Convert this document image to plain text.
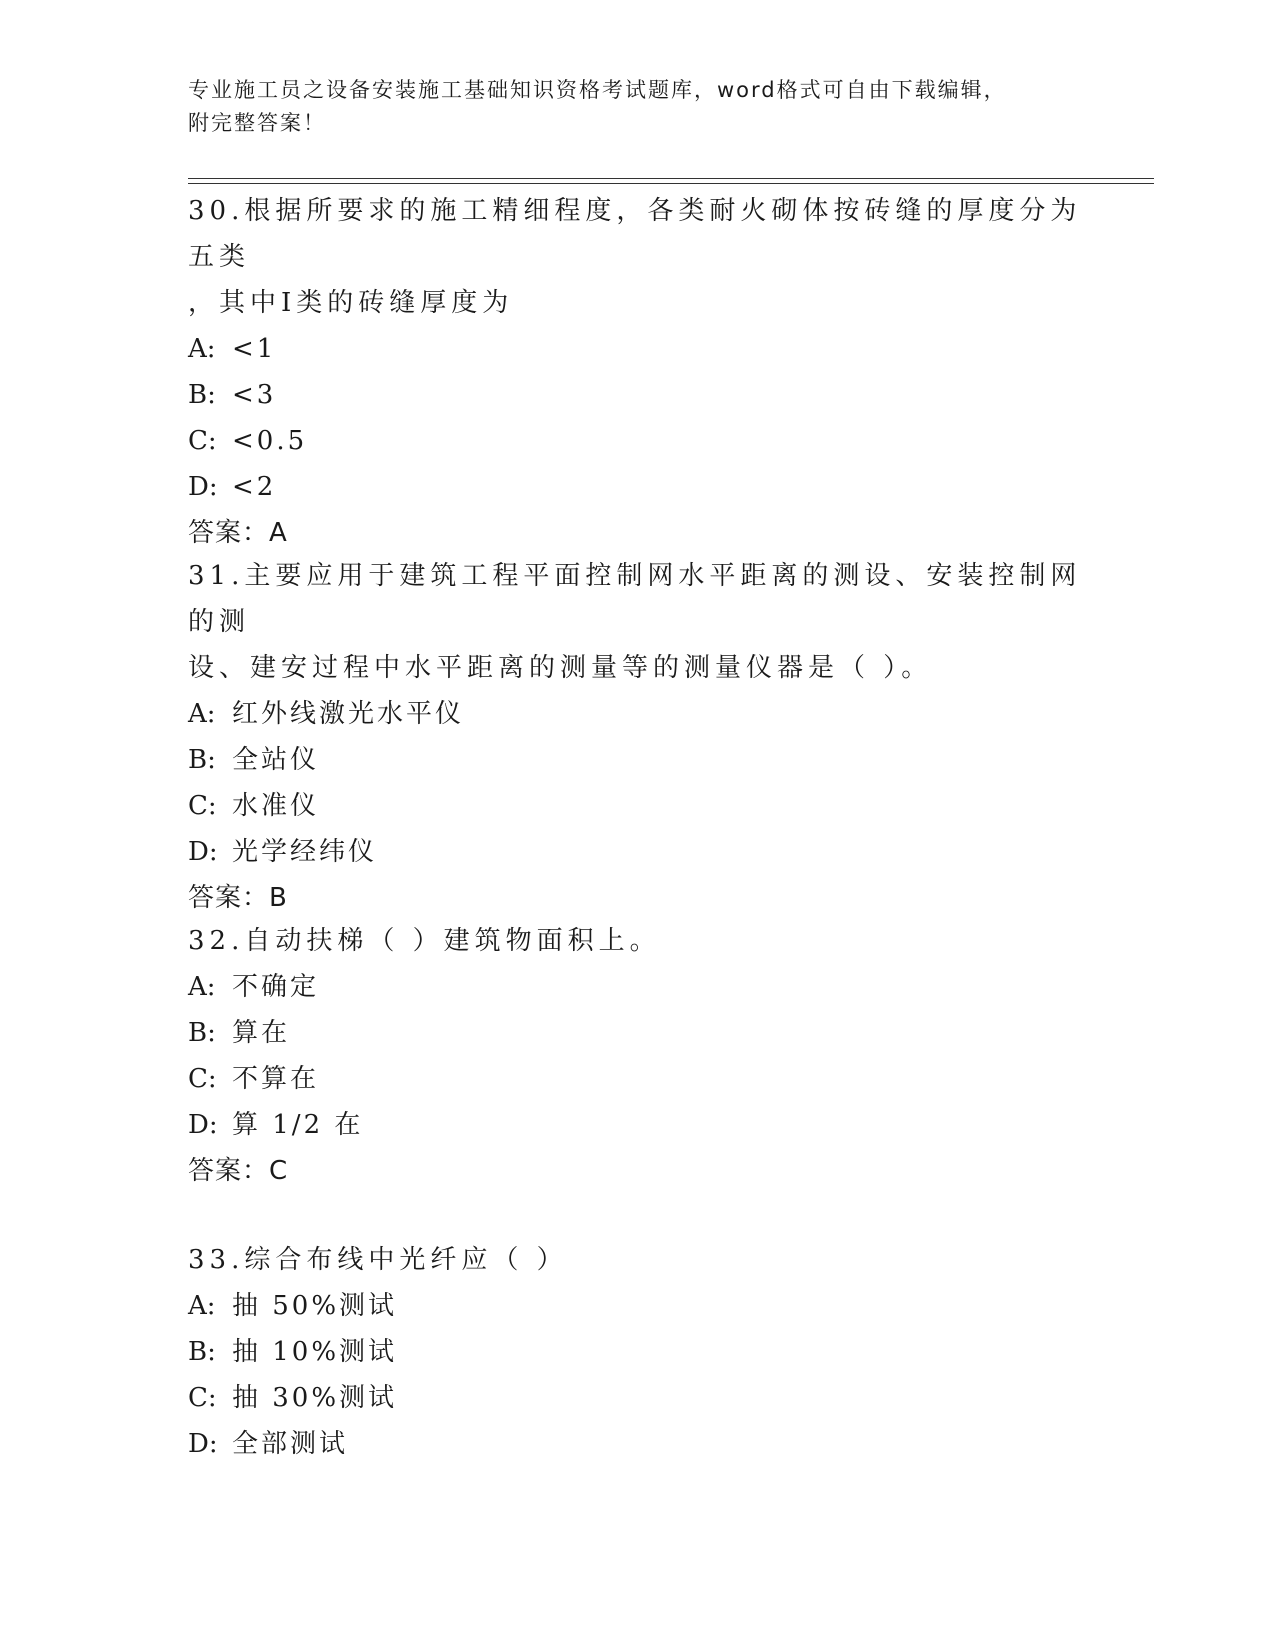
专业施工员之设备安装施工基础知识资格考试题库，word格式可自由下载编辑，
附完整答案！

30.根据所要求的施工精细程度，各类耐火砌体按砖缝的厚度分为五类

，其中Ⅰ类的砖缝厚度为

A: <1

B: <3

C: <0.5

D: <2

答案：A

31.主要应用于建筑工程平面控制网水平距离的测设、安装控制网的测

设、建安过程中水平距离的测量等的测量仪器是（ ）。

A: 红外线激光水平仪

B: 全站仪

C: 水准仪

D: 光学经纬仪

答案：B

32.自动扶梯（ ）建筑物面积上。

A: 不确定

B: 算在

C: 不算在

D: 算 1/2 在

答案：C

33.综合布线中光纤应（ ）

A: 抽 50%测试

B: 抽 10%测试

C: 抽 30%测试

D: 全部测试
